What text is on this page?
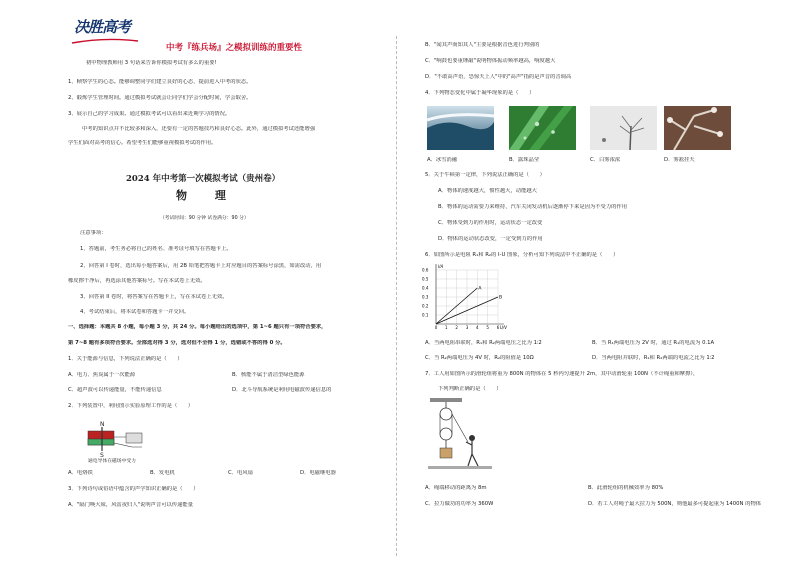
决胜高考
中考『练兵场』之模拟训练的重要性
初中物理教师用 3 句话来告诉你模拟考试有多么的重要!
1、帧察学生的心态。能够调整同学们建立良好的心态，提前进入中考的状态。
2、锻炼学生管理时间。通过模拟考试就会让同学们学会分配时间，学会取舍。
3、展示自己的学习成果。通过模拟考试可以看出来近期学习的情况。
中考的知识点并不比较多和深入，还要有一定的答题技巧和良好心态。此外，通过模拟考试还能增强
学生们面对高考的信心。希望考生们能够重视模拟考试的作用。
2024 年中考第一次模拟考试（贵州卷）
物 理
（考试时间：90 分钟 试卷满分：90 分）
注意事项：
1、答题前，考生务必将自己的姓名、准考证号填写在答题卡上。
2、回答第 I 卷时，选出每小题答案后，用 2B 铅笔把答题卡上对应题目的答案标号涂黑，如需改动，用
橡皮擦干净后，再选涂其他答案标号。写在本试卷上无效。
3、回答第 II 卷时，将答案写在答题卡上，写在本试卷上无效。
4、考试结束后，将本试卷和答题卡一并交回。
一、选择题：本题共 8 小题，每小题 3 分，共 24 分。每小题给出的选项中，第 1~6 题只有一项符合要求，
第 7~8 题有多项符合要求。全部选对得 3 分，选对但不全得 1 分，选错或不答的得 0 分。
1．关于能源与信息，下列说法正确的是（　　）
A．电力、焦炭属于一次能源	B．核能不属于清洁型绿色能源
C．超声波可以传递能量，不能传递信息	D．北斗导航系统是利用电磁波传递信息的
2．下列装置中，利用图示实验原理工作的是（　　）
N
S
通电导体在磁场中受力
A．电烙铁	B．发电机	C．电风扇	D．电磁继电器
3．下列诗句或俗语中蕴含的声学知识正确的是（　　）
A．"隔门唤大妹，风雷夜归人"说明声音可以传递能量
B．"闻其声而知其人"主要是根据音色进行判别的
C．"响鼓也要重锤敲"说明物体振动频率越高，响度越大
D．"不敢高声语，恐惊天上人"中的"高声"指的是声音的音调高
4．下列物态变化中属于凝华现象的是（　　）
A．冰雪消融	B．露珠晶莹	C．白雾浓浓	D．雾凇挂天
5．关于牛顿第一定律，下列说法正确的是（　　）
A．物体的速度越大，惯性越大，动能越大
B．物体的运动需要力来维持，汽车关闭发动机后逐渐停下来是因为不受力的作用
C．物体受到力的作用时，运动状态一定改变
D．物体的运动状态改变，一定受到力的作用
6．如图所示是电阻 R₁和 R₂的 I-U 图象，分析可知下列说法中不正确的是（　　）
0 1 2 3 4 5 6
0.1
0.2
0.3
0.4
0.5
0.6
U/V
I/A
A
B
A．当两电阻串联时，R₁和 R₂两端电压之比为 1∶2	B．当 R₁两端电压为 2V 时，通过 R₁的电流为 0.1A
C．当 R₂两端电压为 4V 时，R₂的阻值是 10Ω	D．当两电阻并联时，R₁和 R₂两端的电流之比为 1∶2
7．工人用如图所示的滑轮组将重为 800N 的物体在 5 秒内匀速提升 2m，其中动滑轮重 100N（不计绳重和摩擦），
下列判断正确的是（　　）
A．绳端移动的距离为 8m	B．此滑轮组的机械效率为 80%
C．拉力做功的功率为 360W	D．若工人对绳子最大拉力为 500N，则他最多可提起重为 1400N 的物体
